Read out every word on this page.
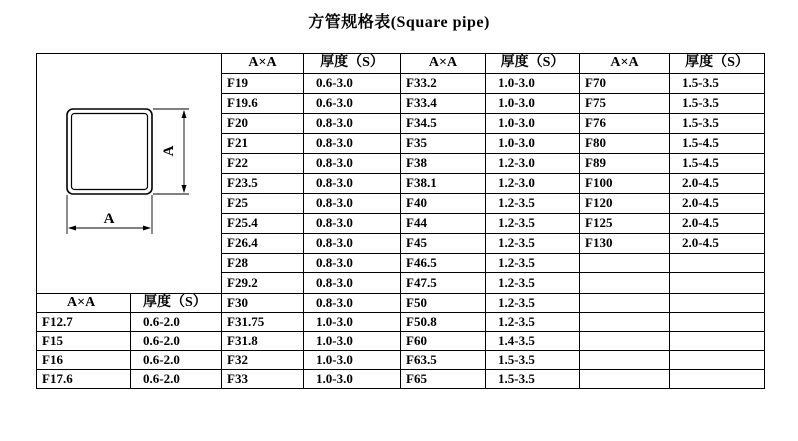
方管规格表(Square pipe)
A
A		A×A	厚度（S）	A×A	厚度（S）	A×A	厚度（S）
		F19	0.6-3.0	F33.2	1.0-3.0	F70	1.5-3.5
		F19.6	0.6-3.0	F33.4	1.0-3.0	F75	1.5-3.5
		F20	0.8-3.0	F34.5	1.0-3.0	F76	1.5-3.5
		F21	0.8-3.0	F35	1.0-3.0	F80	1.5-4.5
		F22	0.8-3.0	F38	1.2-3.0	F89	1.5-4.5
		F23.5	0.8-3.0	F38.1	1.2-3.0	F100	2.0-4.5
		F25	0.8-3.0	F40	1.2-3.5	F120	2.0-4.5
		F25.4	0.8-3.0	F44	1.2-3.5	F125	2.0-4.5
		F26.4	0.8-3.0	F45	1.2-3.5	F130	2.0-4.5
		F28	0.8-3.0	F46.5	1.2-3.5		
		F29.2	0.8-3.0	F47.5	1.2-3.5		
A×A	厚度（S）	F30	0.8-3.0	F50	1.2-3.5		
F12.7	0.6-2.0	F31.75	1.0-3.0	F50.8	1.2-3.5		
F15	0.6-2.0	F31.8	1.0-3.0	F60	1.4-3.5		
F16	0.6-2.0	F32	1.0-3.0	F63.5	1.5-3.5		
F17.6	0.6-2.0	F33	1.0-3.0	F65	1.5-3.5		
